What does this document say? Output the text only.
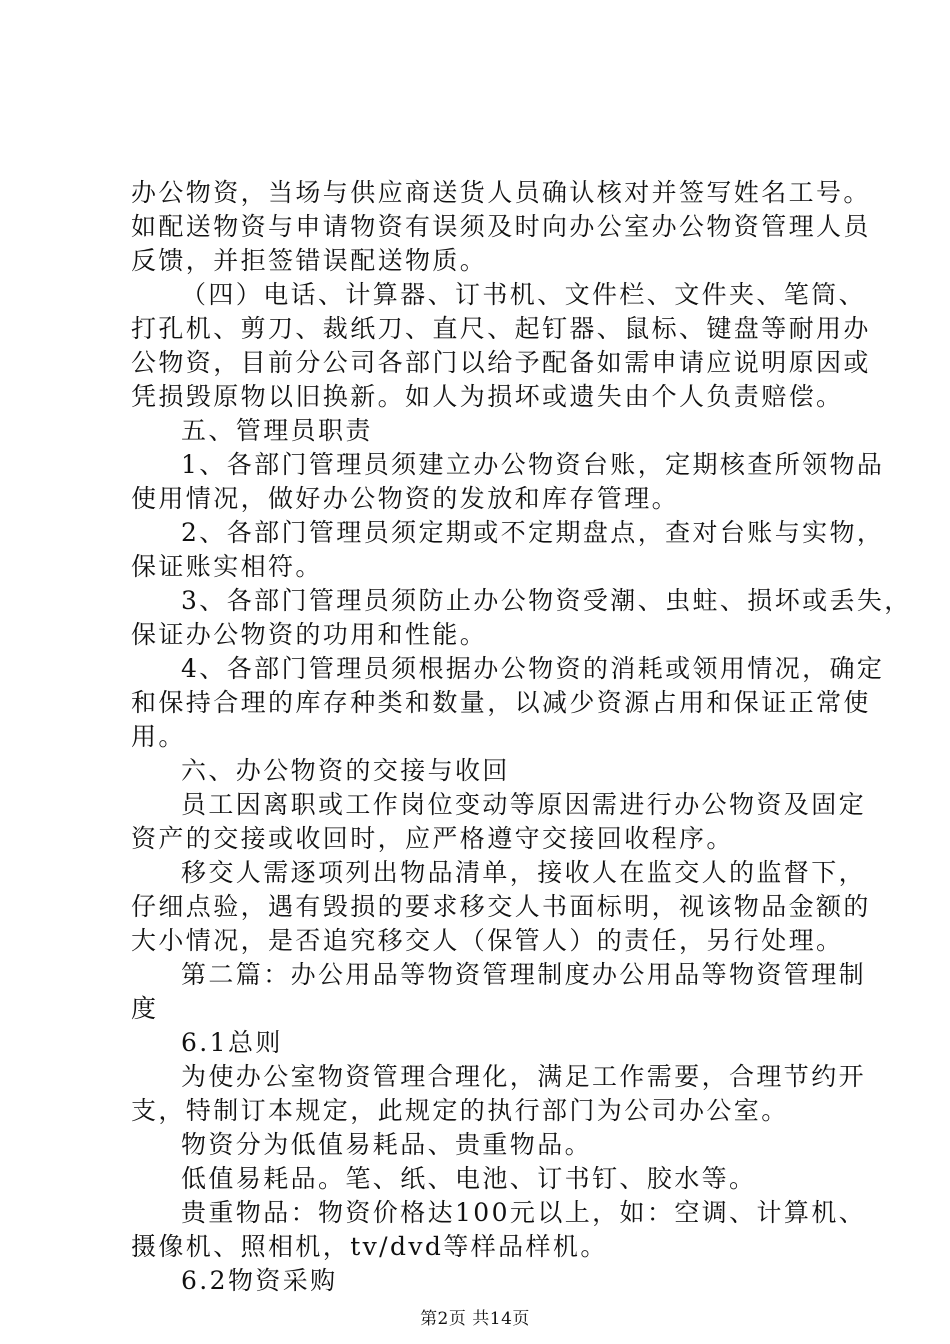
办公物资，当场与供应商送货人员确认核对并签写姓名工号。
如配送物资与申请物资有误须及时向办公室办公物资管理人员
反馈，并拒签错误配送物质。
（四）电话、计算器、订书机、文件栏、文件夹、笔筒、
打孔机、剪刀、裁纸刀、直尺、起钉器、鼠标、键盘等耐用办
公物资，目前分公司各部门以给予配备如需申请应说明原因或
凭损毁原物以旧换新。如人为损坏或遗失由个人负责赔偿。
五、管理员职责
1、各部门管理员须建立办公物资台账，定期核查所领物品
使用情况，做好办公物资的发放和库存管理。
2、各部门管理员须定期或不定期盘点，查对台账与实物，
保证账实相符。
3、各部门管理员须防止办公物资受潮、虫蛀、损坏或丢失，
保证办公物资的功用和性能。
4、各部门管理员须根据办公物资的消耗或领用情况，确定
和保持合理的库存种类和数量，以减少资源占用和保证正常使
用。
六、办公物资的交接与收回
员工因离职或工作岗位变动等原因需进行办公物资及固定
资产的交接或收回时，应严格遵守交接回收程序。
移交人需逐项列出物品清单，接收人在监交人的监督下，
仔细点验，遇有毁损的要求移交人书面标明，视该物品金额的
大小情况，是否追究移交人（保管人）的责任，另行处理。
第二篇：办公用品等物资管理制度办公用品等物资管理制
度
6.1总则
为使办公室物资管理合理化，满足工作需要，合理节约开
支，特制订本规定，此规定的执行部门为公司办公室。
物资分为低值易耗品、贵重物品。
低值易耗品。笔、纸、电池、订书钉、胶水等。
贵重物品：物资价格达100元以上，如：空调、计算机、
摄像机、照相机，tv/dvd等样品样机。
6.2物资采购
第2页 共14页
